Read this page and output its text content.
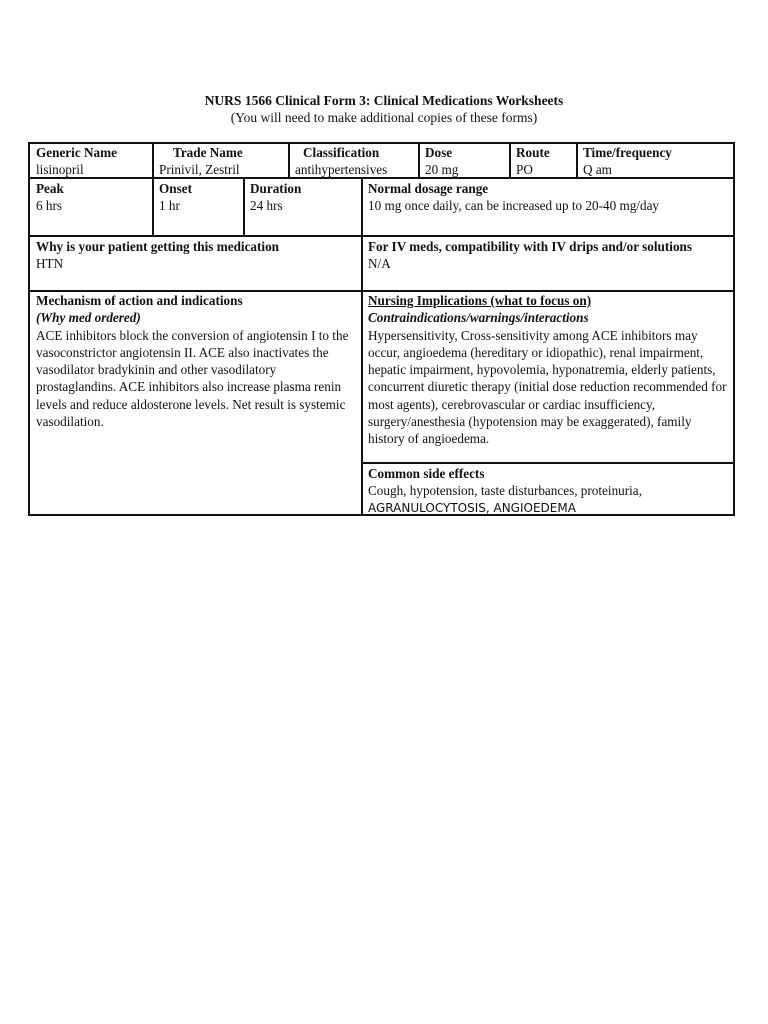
NURS 1566 Clinical Form 3: Clinical Medications Worksheets
(You will need to make additional copies of these forms)
Generic Name
lisinopril
Trade Name
Prinivil, Zestril
Classification
antihypertensives
Dose
20 mg
Route
PO
Time/frequency
Q am
Peak
6 hrs
Onset
1 hr
Duration
24 hrs
Normal dosage range
10 mg once daily, can be increased up to 20-40 mg/day
Why is your patient getting this medication
HTN
For IV meds, compatibility with IV drips and/or solutions
N/A
Mechanism of action and indications
(Why med ordered)
ACE inhibitors block the conversion of angiotensin I to the vasoconstrictor angiotensin II. ACE also inactivates the vasodilator bradykinin and other vasodilatory prostaglandins. ACE inhibitors also increase plasma renin levels and reduce aldosterone levels. Net result is systemic vasodilation.
Nursing Implications (what to focus on)
Contraindications/warnings/interactions
Hypersensitivity, Cross-sensitivity among ACE inhibitors may occur, angioedema (hereditary or idiopathic), renal impairment, hepatic impairment, hypovolemia, hyponatremia, elderly patients, concurrent diuretic therapy (initial dose reduction recommended for most agents), cerebrovascular or cardiac insufficiency, surgery/anesthesia (hypotension may be exaggerated), family history of angioedema.
Common side effects
Cough, hypotension, taste disturbances, proteinuria,
AGRANULOCYTOSIS, ANGIOEDEMA
